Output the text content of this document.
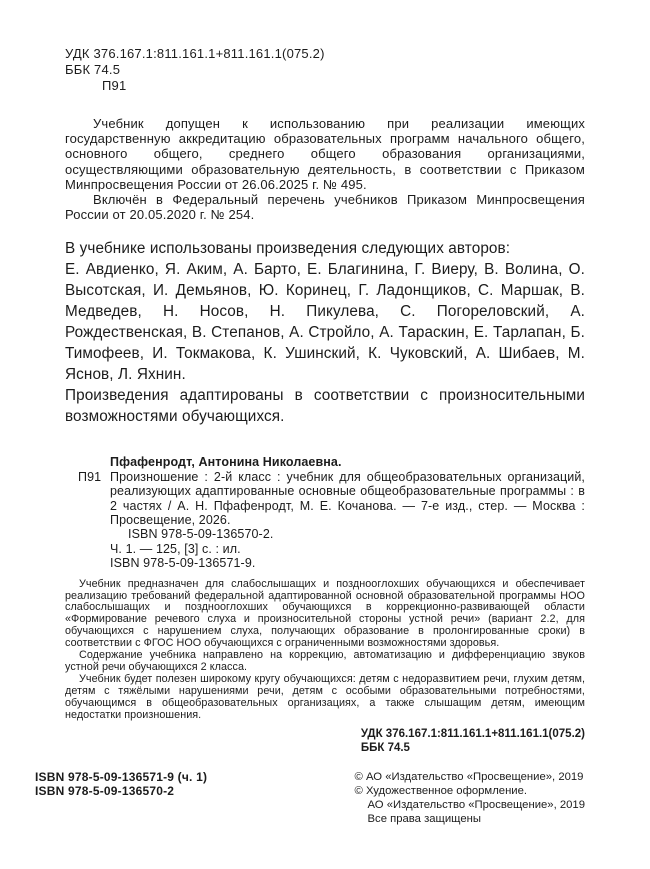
УДК 376.167.1:811.161.1+811.161.1(075.2)
ББК 74.5
П91

Учебник допущен к использованию при реализации имеющих государственную аккредитацию образовательных программ начального общего, основного общего, среднего общего образования организациями, осуществляющими образовательную деятельность, в соответствии с Приказом Минпросвещения России от 26.06.2025 г. № 495.

Включён в Федеральный перечень учебников Приказом Минпросвещения России от 20.05.2020 г. № 254.

В учебнике использованы произведения следующих авторов:
Е. Авдиенко, Я. Аким, А. Барто, Е. Благинина, Г. Виеру, В. Волина, О. Высотская, И. Демьянов, Ю. Коринец, Г. Ладонщиков, С. Маршак, В. Медведев, Н. Носов, Н. Пикулева, С. Погореловский, А. Рождественская, В. Степанов, А. Стройло, А. Тараскин, Е. Тарлапан, Б. Тимофеев, И. Токмакова, К. Ушинский, К. Чуковский, А. Шибаев, М. Яснов, Л. Яхнин.
Произведения адаптированы в соответствии с произносительными возможностями обучающихся.

Пфафенродт, Антонина Николаевна.

П91 Произношение : 2-й класс : учебник для общеобразовательных организаций, реализующих адаптированные основные общеобразовательные программы : в 2 частях / А. Н. Пфафенродт, М. Е. Кочанова. — 7-е изд., стер. — Москва : Просвещение, 2026.

ISBN 978-5-09-136570-2.

Ч. 1. — 125, [3] с. : ил.

ISBN 978-5-09-136571-9.

Учебник предназначен для слабослышащих и позднооглохших обучающихся и обеспечивает реализацию требований федеральной адаптированной основной образовательной программы НОО слабослышащих и позднооглохших обучающихся в коррекционно-развивающей области «Формирование речевого слуха и произносительной стороны устной речи» (вариант 2.2, для обучающихся с нарушением слуха, получающих образование в пролонгированные сроки) в соответствии с ФГОС НОО обучающихся с ограниченными возможностями здоровья.

Содержание учебника направлено на коррекцию, автоматизацию и дифференциацию звуков устной речи обучающихся 2 класса.

Учебник будет полезен широкому кругу обучающихся: детям с недоразвитием речи, глухим детям, детям с тяжёлыми нарушениями речи, детям с особыми образовательными потребностями, обучающимся в общеобразовательных организациях, а также слышащим детям, имеющим недостатки произношения.

УДК 376.167.1:811.161.1+811.161.1(075.2)
ББК 74.5
ISBN 978-5-09-136571-9 (ч. 1)
ISBN 978-5-09-136570-2
© АО «Издательство «Просвещение», 2019
© Художественное оформление.
АО «Издательство «Просвещение», 2019
Все права защищены
